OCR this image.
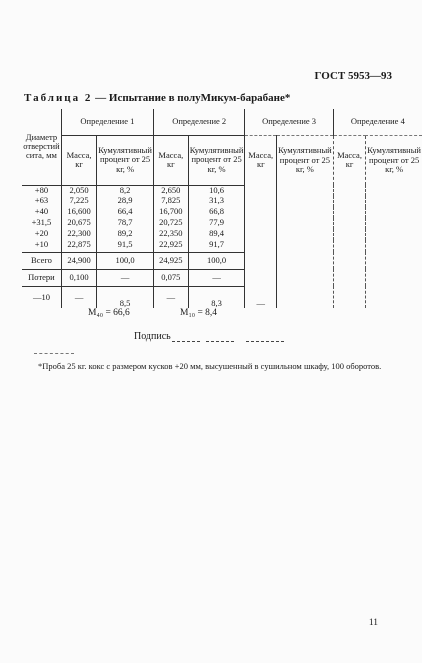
ГОСТ 5953—93
Таблица 2 — Испытание в полуМикум-барабане*
Диаметр отверстий сита, мм	Определение 1		Определение 2		Определение 3		Определение 4	
	Масса, кг	Кумулятивный процент от 25 кг, %	Масса, кг	Кумулятивный процент от 25 кг, %	Масса, кг	Кумулятивный процент от 25 кг, %	Масса, кг	Кумулятивный процент от 25 кг, %
+80	2,050	8,2	2,650	10,6				
+63	7,225	28,9	7,825	31,3				
+40	16,600	66,4	16,700	66,8				
+31,5	20,675	78,7	20,725	77,9				
+20	22,300	89,2	22,350	89,4				
+10	22,875	91,5	22,925	91,7				
Всего	24,900	100,0	24,925	100,0				
Потери	0,100	—	0,075	—				
—10	—	8,5	—	8,3	—			
M₄₀ = 66,6	M₁₀ = 8,4
Подпись
*Проба 25 кг. кокс с размером кусков +20 мм, высушенный в сушильном шкафу, 100 оборотов.
11
